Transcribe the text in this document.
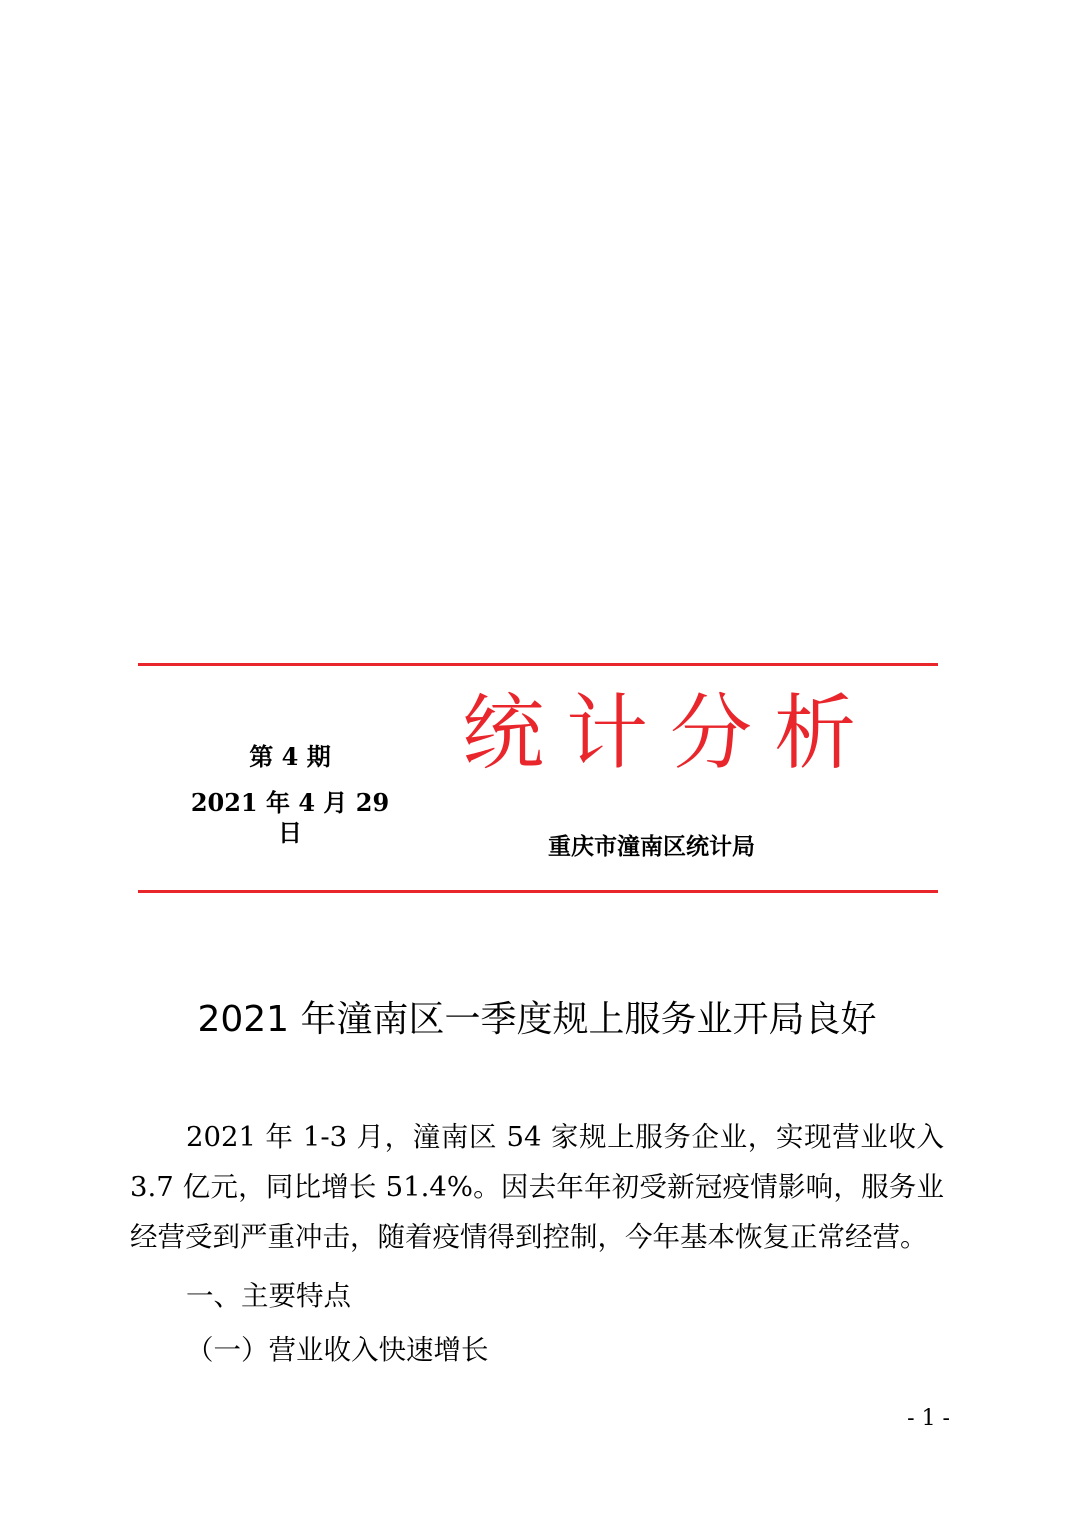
第 4 期
2021 年 4 月 29 日
统计分析
重庆市潼南区统计局
2021 年潼南区一季度规上服务业开局良好

2021 年 1-3 月，潼南区 54 家规上服务企业，实现营业收入 3.7 亿元，同比增长 51.4%。因去年年初受新冠疫情影响，服务业经营受到严重冲击，随着疫情得到控制，今年基本恢复正常经营。

一、主要特点
（一）营业收入快速增长
- 1 -
